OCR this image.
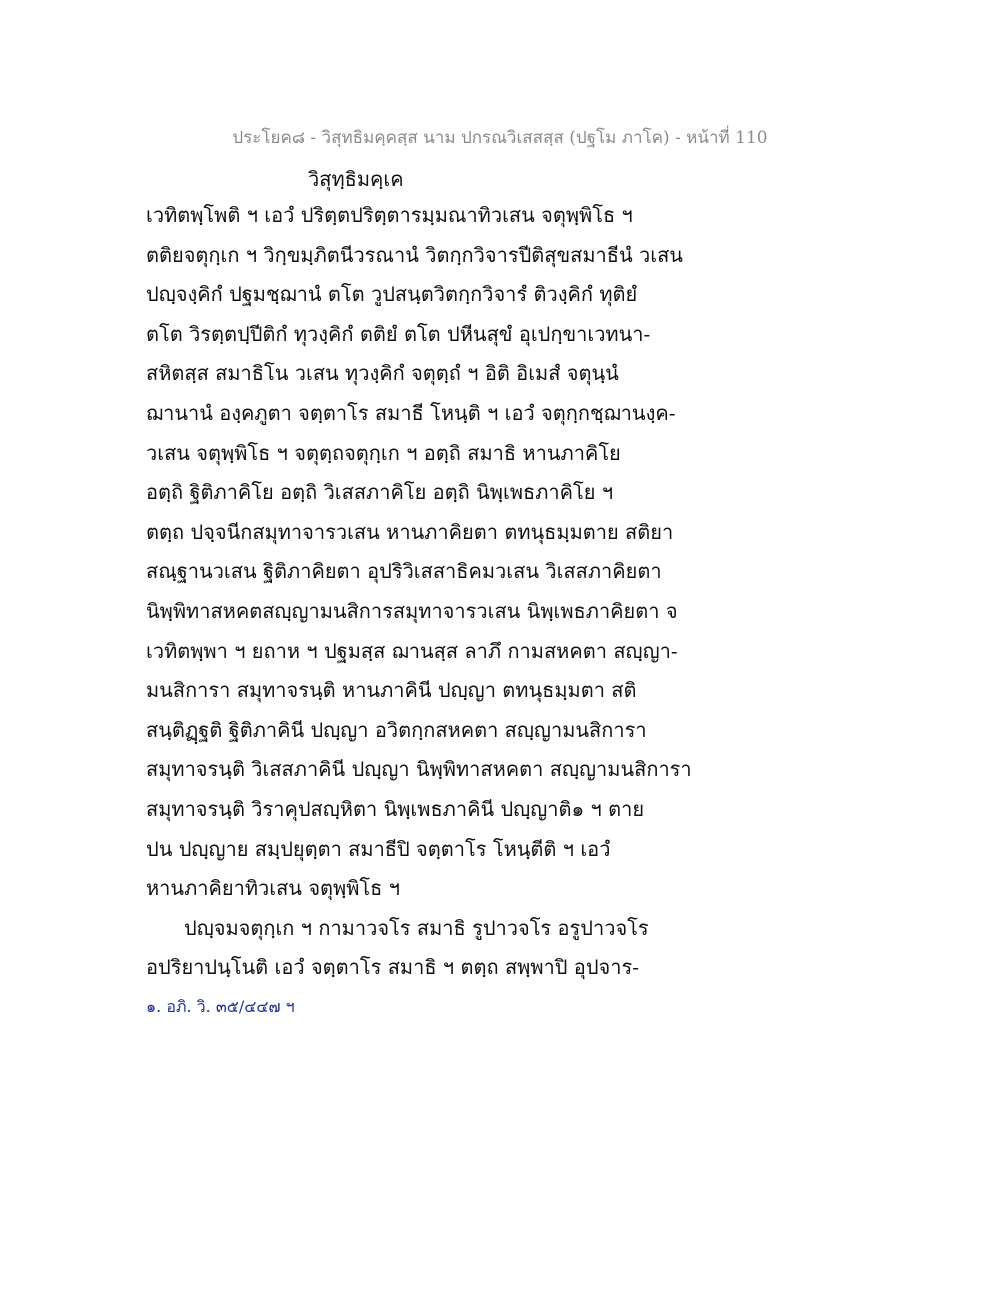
ประโยค๘ - วิสุทธิมคฺคสฺส นาม ปกรณวิเสสสฺส (ปฐโม ภาโค) - หน้าที่ 110
วิสุทฺธิมคฺเค
เวทิตพฺโพติ ฯ เอวํ ปริตฺตปริตฺตารมฺมณาทิวเสน จตุพฺพิโธ ฯ
ตติยจตุกฺเก ฯ วิกฺขมฺภิตนีวรณานํ วิตกฺกวิจารปีติสุขสมาธีนํ วเสน
ปญฺจงฺคิกํ ปฐมชฺฌานํ ตโต วูปสนฺตวิตกฺกวิจารํ ติวงฺคิกํ ทุติยํ
ตโต วิรตฺตปฺปีติกํ ทุวงฺคิกํ ตติยํ ตโต ปหีนสุขํ อุเปกฺขาเวทนา-
สหิตสฺส สมาธิโน วเสน ทุวงฺคิกํ จตุตฺถํ ฯ อิติ อิเมสํ จตุนฺนํ
ฌานานํ องฺคภูตา จตฺตาโร สมาธี โหนฺติ ฯ เอวํ จตุกฺกชฺฌานงฺค-
วเสน จตุพฺพิโธ ฯ จตุตฺถจตุกฺเก ฯ อตฺถิ สมาธิ หานภาคิโย
อตฺถิ ฐิติภาคิโย อตฺถิ วิเสสภาคิโย อตฺถิ นิพฺเพธภาคิโย ฯ
ตตฺถ ปจฺจนีกสมุทาจารวเสน หานภาคิยตา ตทนุธมฺมตาย สติยา
สณฺฐานวเสน ฐิติภาคิยตา อุปริวิเสสาธิคมวเสน วิเสสภาคิยตา
นิพฺพิทาสหคตสญฺญามนสิการสมุทาจารวเสน นิพฺเพธภาคิยตา จ
เวทิตพฺพา ฯ ยถาห ฯ ปฐมสฺส ฌานสฺส ลาภึ กามสหคตา สญฺญา-
มนสิการา สมุทาจรนฺติ หานภาคินี ปญฺญา ตทนุธมฺมตา สติ
สนฺติฏฺฐติ ฐิติภาคินี ปญฺญา อวิตกฺกสหคตา สญฺญามนสิการา
สมุทาจรนฺติ วิเสสภาคินี ปญฺญา นิพฺพิทาสหคตา สญฺญามนสิการา
สมุทาจรนฺติ วิราคุปสญฺหิตา นิพฺเพธภาคินี ปญฺญาติ๑ ฯ ตาย
ปน ปญฺญาย สมฺปยุตฺตา สมาธีปิ จตฺตาโร โหนฺตีติ ฯ เอวํ
หานภาคิยาทิวเสน จตุพฺพิโธ ฯ
ปญฺจมจตุกฺเก ฯ กามาวจโร สมาธิ รูปาวจโร อรูปาวจโร
อปริยาปนฺโนติ เอวํ จตฺตาโร สมาธิ ฯ ตตฺถ สพฺพาปิ อุปจาร-
๑. อภิ. วิ. ๓๕/๔๔๗ ฯ
